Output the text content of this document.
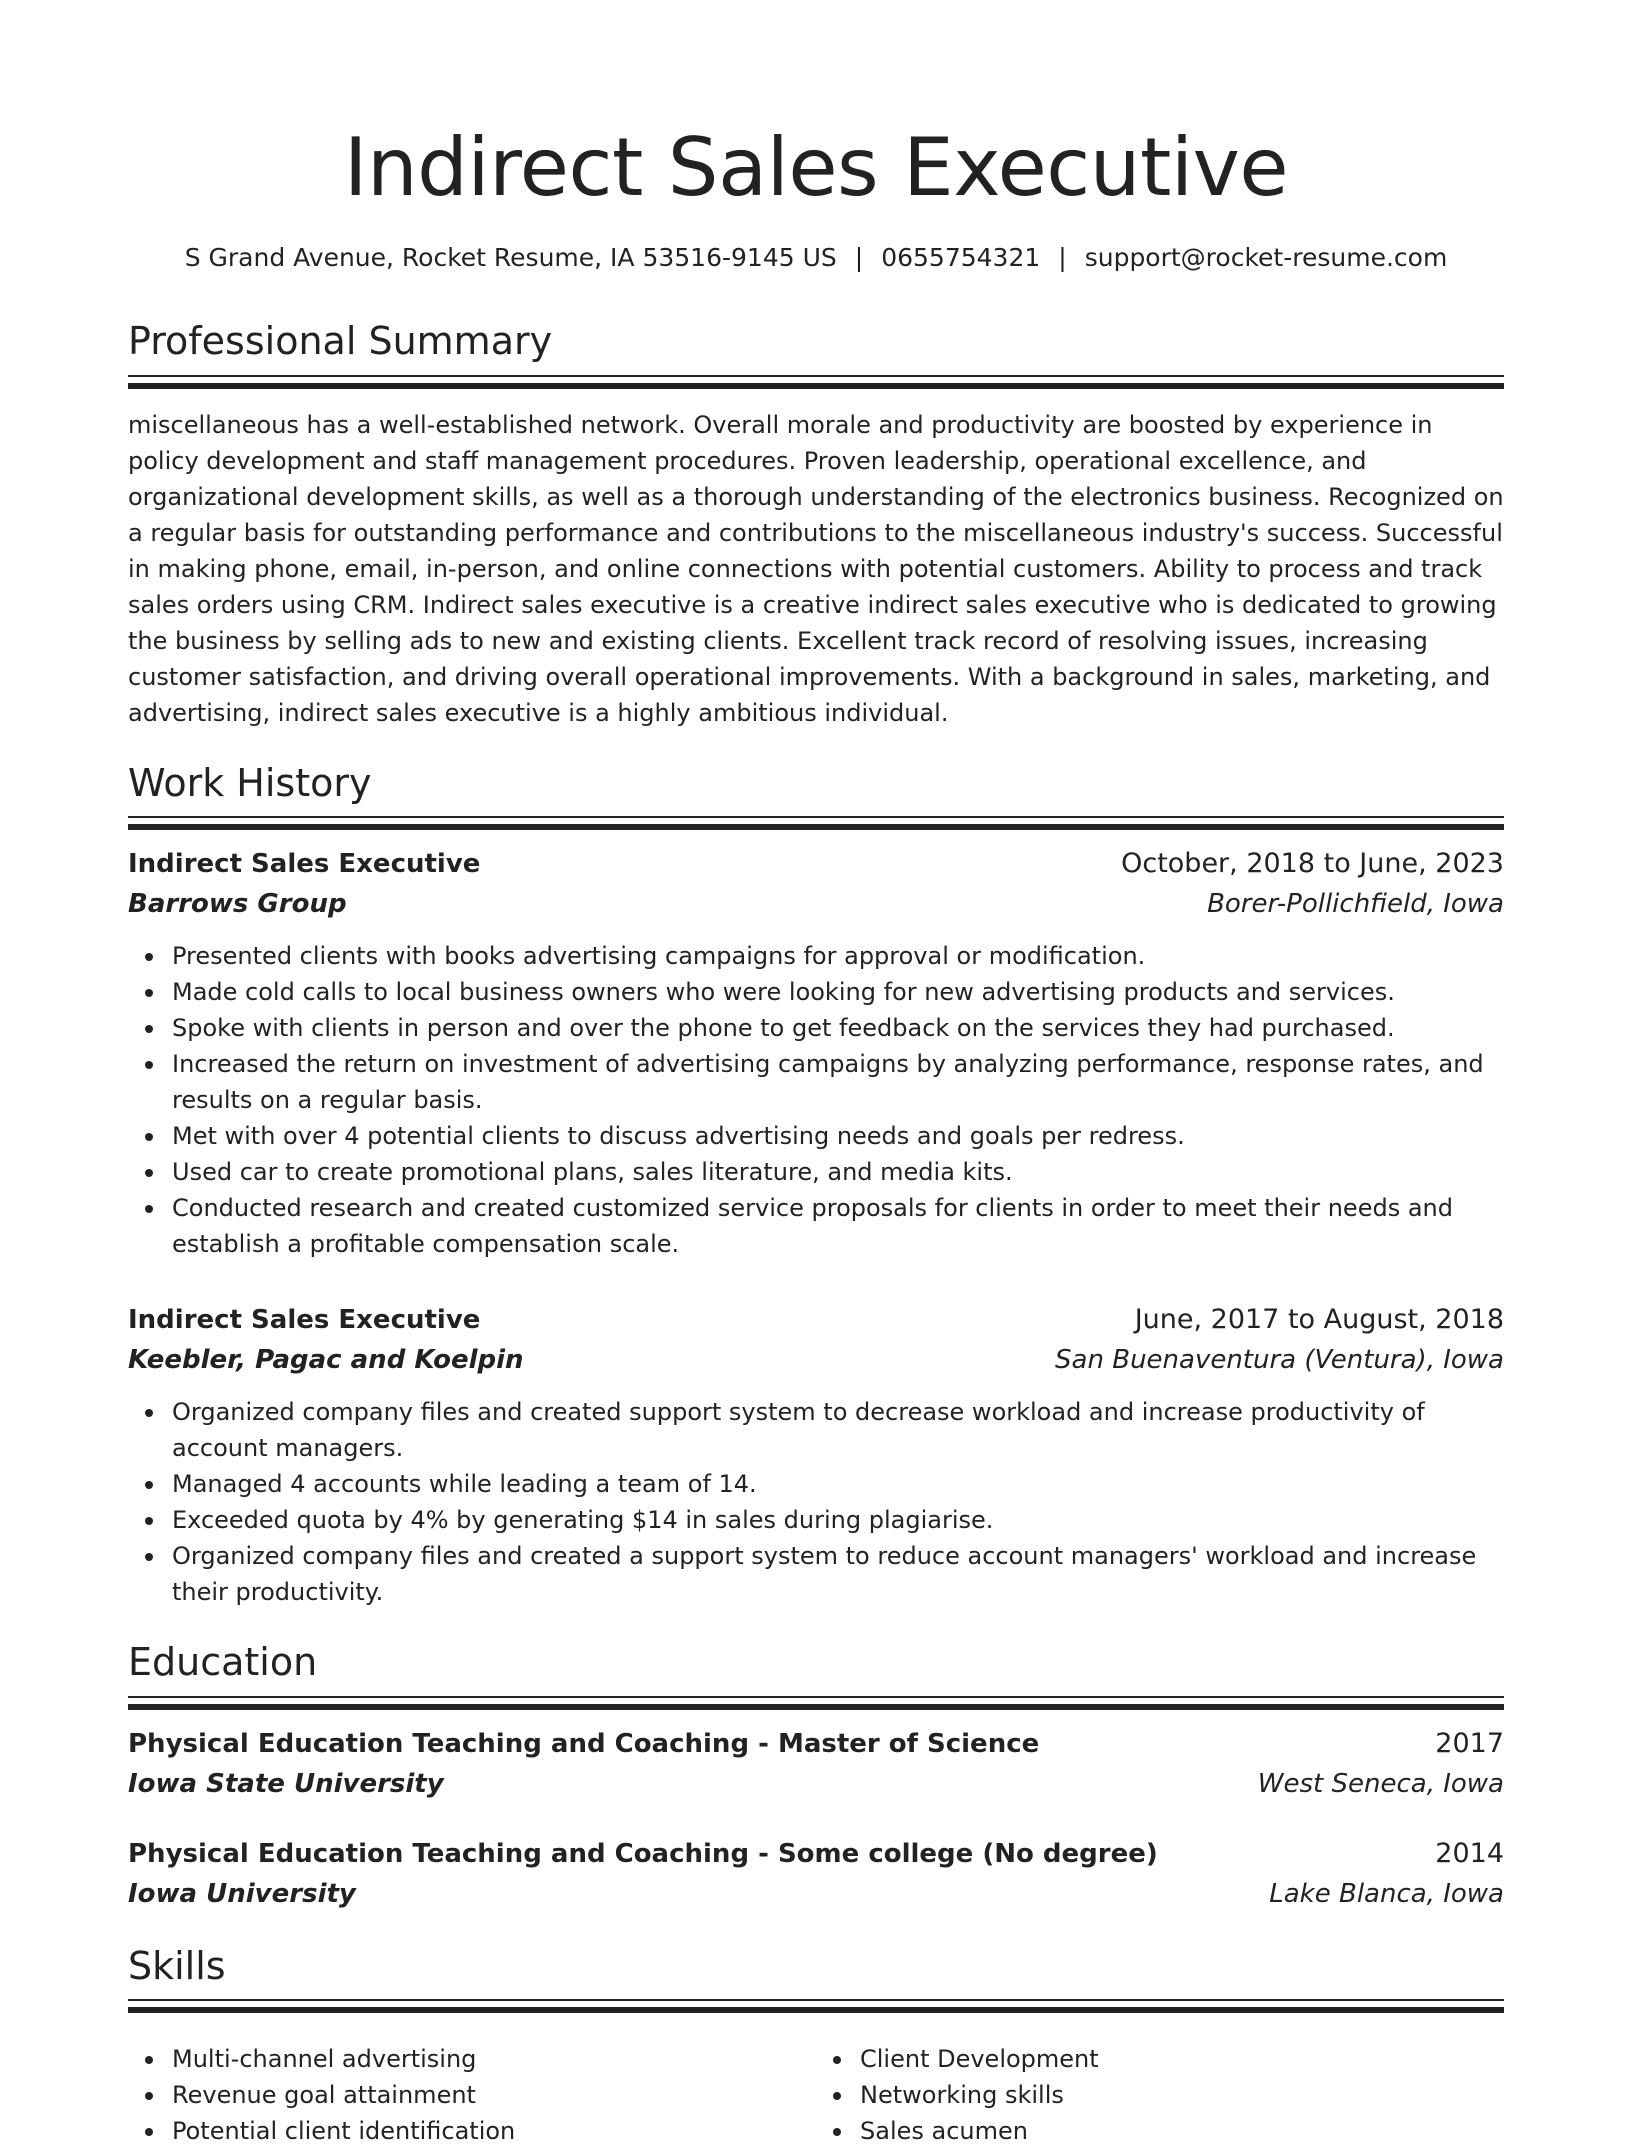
Indirect Sales Executive
S Grand Avenue, Rocket Resume, IA 53516-9145 US | 0655754321 | support@rocket-resume.com
Professional Summary

miscellaneous has a well-established network. Overall morale and productivity are boosted by experience in policy development and staff management procedures. Proven leadership, operational excellence, and organizational development skills, as well as a thorough understanding of the electronics business. Recognized on a regular basis for outstanding performance and contributions to the miscellaneous industry's success. Successful in making phone, email, in-person, and online connections with potential customers. Ability to process and track sales orders using CRM. Indirect sales executive is a creative indirect sales executive who is dedicated to growing the business by selling ads to new and existing clients. Excellent track record of resolving issues, increasing customer satisfaction, and driving overall operational improvements. With a background in sales, marketing, and advertising, indirect sales executive is a highly ambitious individual.

Work History
Indirect Sales Executive	October, 2018 to June, 2023
Barrows Group	Borer-Pollichfield, Iowa
Presented clients with books advertising campaigns for approval or modification.
Made cold calls to local business owners who were looking for new advertising products and services.
Spoke with clients in person and over the phone to get feedback on the services they had purchased.
Increased the return on investment of advertising campaigns by analyzing performance, response rates, and results on a regular basis.
Met with over 4 potential clients to discuss advertising needs and goals per redress.
Used car to create promotional plans, sales literature, and media kits.
Conducted research and created customized service proposals for clients in order to meet their needs and establish a profitable compensation scale.
Indirect Sales Executive	June, 2017 to August, 2018
Keebler, Pagac and Koelpin	San Buenaventura (Ventura), Iowa
Organized company files and created support system to decrease workload and increase productivity of account managers.
Managed 4 accounts while leading a team of 14.
Exceeded quota by 4% by generating $14 in sales during plagiarise.
Organized company files and created a support system to reduce account managers' workload and increase their productivity.
Education
Physical Education Teaching and Coaching - Master of Science	2017
Iowa State University	West Seneca, Iowa
Physical Education Teaching and Coaching - Some college (No degree)	2014
Iowa University	Lake Blanca, Iowa
Skills
Multi-channel advertising
Revenue goal attainment
Potential client identification
Client Development
Networking skills
Sales acumen
